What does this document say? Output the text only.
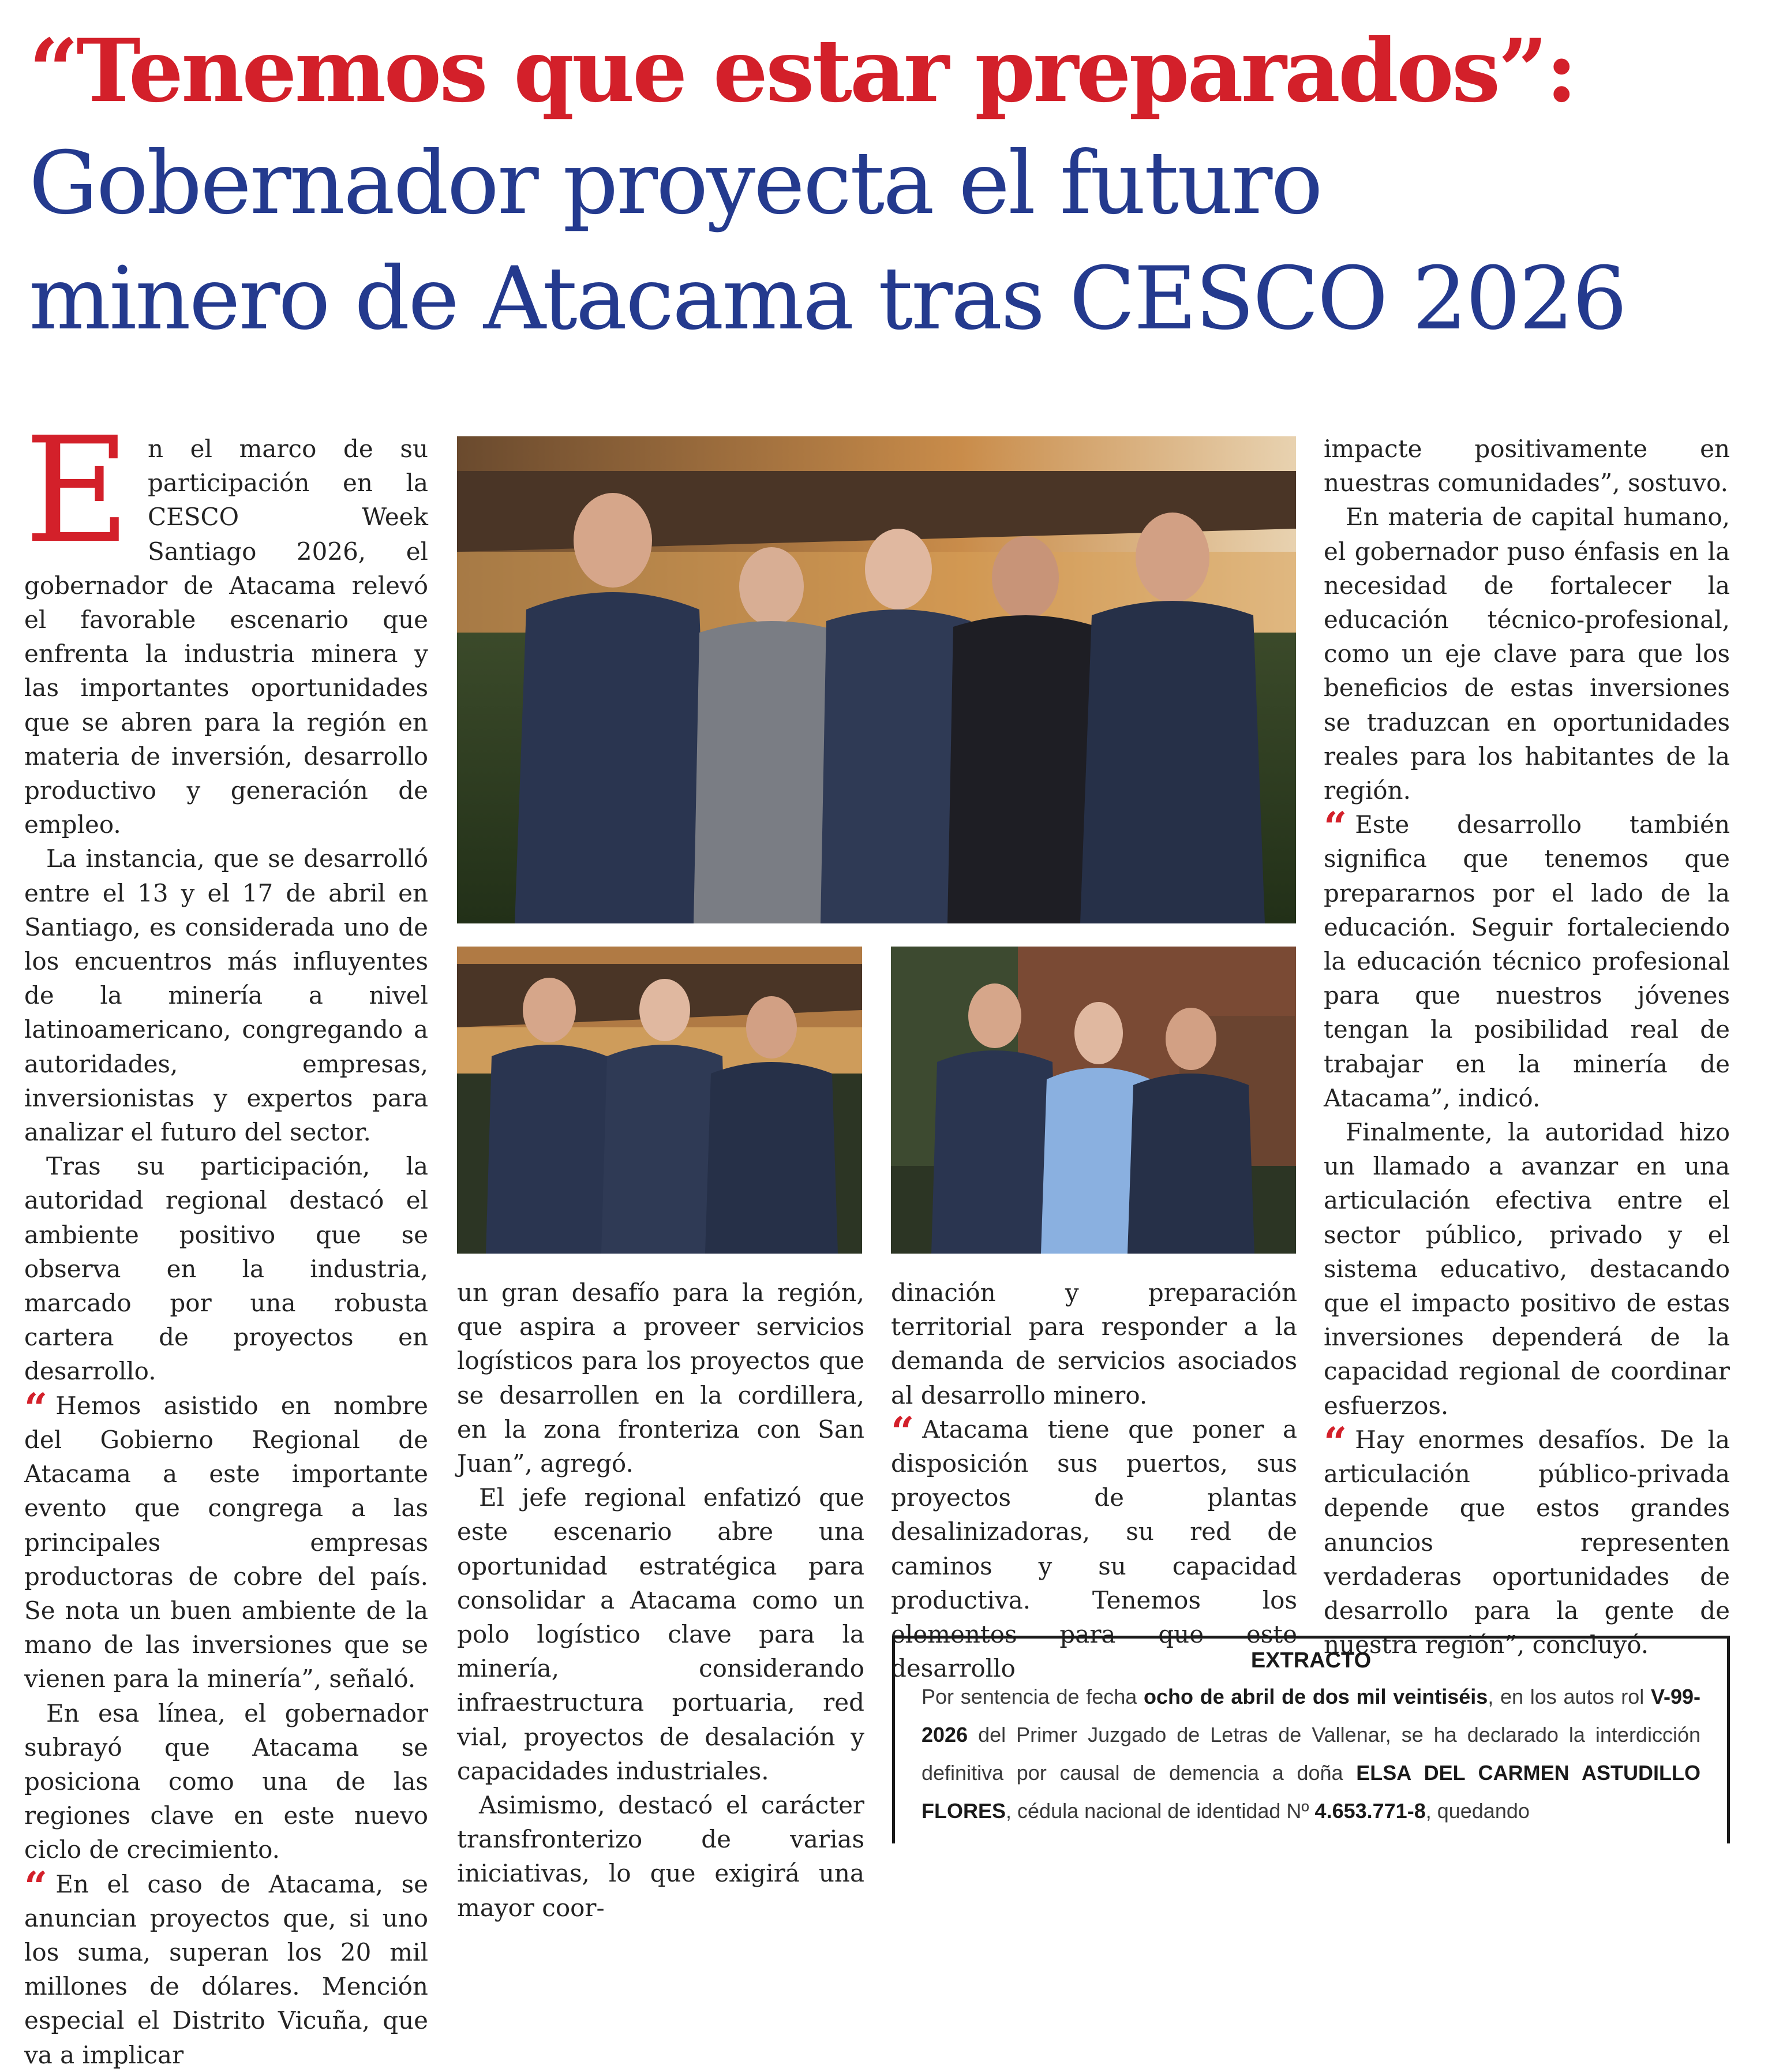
“Tenemos que estar preparados”:
Gobernador proyecta el futuro
minero de Atacama tras CESCO 2026
E n el marco de su participación en la CESCO Week Santiago 2026, el gobernador de Atacama relevó el favorable escenario que enfrenta la industria minera y las importantes oportunidades que se abren para la región en materia de inversión, desarrollo productivo y generación de empleo.

La instancia, que se desarrolló entre el 13 y el 17 de abril en Santiago, es considerada uno de los encuentros más influyentes de la minería a nivel latinoamericano, congregando a autoridades, empresas, inversionistas y expertos para analizar el futuro del sector.

Tras su participación, la autoridad regional destacó el ambiente positivo que se observa en la industria, marcado por una robusta cartera de proyectos en desarrollo.

“ Hemos asistido en nombre del Gobierno Regional de Atacama a este importante evento que congrega a las principales empresas productoras de cobre del país. Se nota un buen ambiente de la mano de las inversiones que se vienen para la minería”, señaló.

En esa línea, el gobernador subrayó que Atacama se posiciona como una de las regiones clave en este nuevo ciclo de crecimiento.

“ En el caso de Atacama, se anuncian proyectos que, si uno los suma, superan los 20 mil millones de dólares. Mención especial el Distrito Vicuña, que va a implicar

un gran desafío para la región, que aspira a proveer servicios logísticos para los proyectos que se desarrollen en la cordillera, en la zona fronteriza con San Juan”, agregó.

El jefe regional enfatizó que este escenario abre una oportunidad estratégica para consolidar a Atacama como un polo logístico clave para la minería, considerando infraestructura portuaria, red vial, proyectos de desalación y capacidades industriales.

Asimismo, destacó el carácter transfronterizo de varias iniciativas, lo que exigirá una mayor coor-

dinación y preparación territorial para responder a la demanda de servicios asociados al desarrollo minero.

“ Atacama tiene que poner a disposición sus puertos, sus proyectos de plantas desalinizadoras, su red de caminos y su capacidad productiva. Tenemos los elementos para que este desarrollo

impacte positivamente en nuestras comunidades”, sostuvo.

En materia de capital humano, el gobernador puso énfasis en la necesidad de fortalecer la educación técnico-profesional, como un eje clave para que los beneficios de estas inversiones se traduzcan en oportunidades reales para los habitantes de la región.

“ Este desarrollo también significa que tenemos que prepararnos por el lado de la educación. Seguir fortaleciendo la educación técnico profesional para que nuestros jóvenes tengan la posibilidad real de trabajar en la minería de Atacama”, indicó.

Finalmente, la autoridad hizo un llamado a avanzar en una articulación efectiva entre el sector público, privado y el sistema educativo, destacando que el impacto positivo de estas inversiones dependerá de la capacidad regional de coordinar esfuerzos.

“ Hay enormes desafíos. De la articulación público-privada depende que estos grandes anuncios representen verdaderas oportunidades de desarrollo para la gente de nuestra región”, concluyó.

EXTRACTO
Por sentencia de fecha ocho de abril de dos mil veintiséis, en los autos rol V-99-2026 del Primer Juzgado de Letras de Vallenar, se ha declarado la interdicción definitiva por causal de demencia a doña ELSA DEL CARMEN ASTUDILLO FLORES, cédula nacional de identidad Nº 4.653.771-8, quedando
